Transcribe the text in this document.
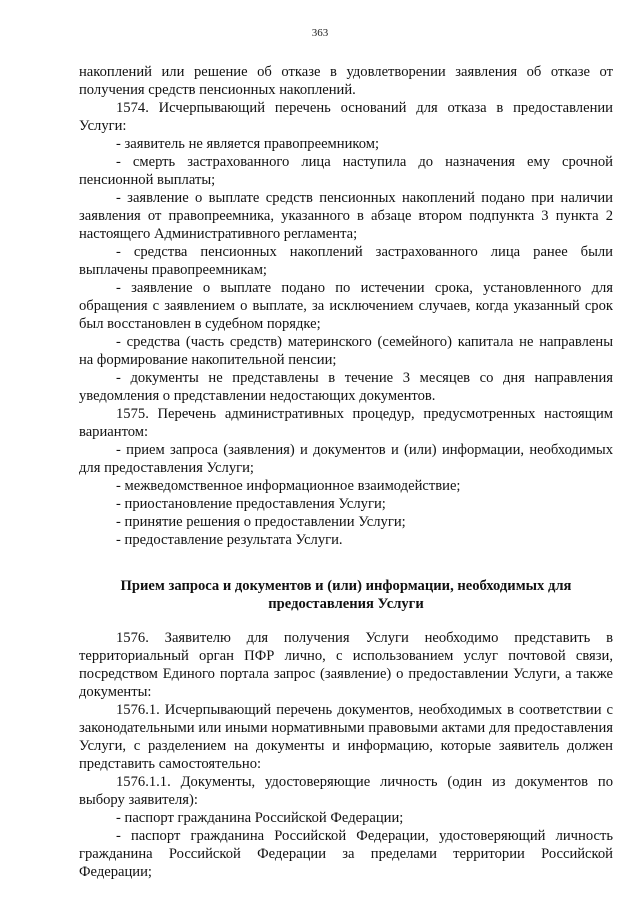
363

накоплений или решение об отказе в удовлетворении заявления об отказе от получения средств пенсионных накоплений.

1574. Исчерпывающий перечень оснований для отказа в предоставлении Услуги:

- заявитель не является правопреемником;

- смерть застрахованного лица наступила до назначения ему срочной пенсионной выплаты;

- заявление о выплате средств пенсионных накоплений подано при наличии заявления от правопреемника, указанного в абзаце втором подпункта 3 пункта 2 настоящего Административного регламента;

- средства пенсионных накоплений застрахованного лица ранее были выплачены правопреемникам;

- заявление о выплате подано по истечении срока, установленного для обращения с заявлением о выплате, за исключением случаев, когда указанный срок был восстановлен в судебном порядке;

- средства (часть средств) материнского (семейного) капитала не направлены на формирование накопительной пенсии;

- документы не представлены в течение 3 месяцев со дня направления уведомления о представлении недостающих документов.

1575. Перечень административных процедур, предусмотренных настоящим вариантом:

- прием запроса (заявления) и документов и (или) информации, необходимых для предоставления Услуги;

- межведомственное информационное взаимодействие;

- приостановление предоставления Услуги;

- принятие решения о предоставлении Услуги;

- предоставление результата Услуги.

Прием запроса и документов и (или) информации, необходимых для предоставления Услуги

1576. Заявителю для получения Услуги необходимо представить в территориальный орган ПФР лично, с использованием услуг почтовой связи, посредством Единого портала запрос (заявление) о предоставлении Услуги, а также документы:

1576.1. Исчерпывающий перечень документов, необходимых в соответствии с законодательными или иными нормативными правовыми актами для предоставления Услуги, с разделением на документы и информацию, которые заявитель должен представить самостоятельно:

1576.1.1. Документы, удостоверяющие личность (один из документов по выбору заявителя):

- паспорт гражданина Российской Федерации;

- паспорт гражданина Российской Федерации, удостоверяющий личность гражданина Российской Федерации за пределами территории Российской Федерации;
